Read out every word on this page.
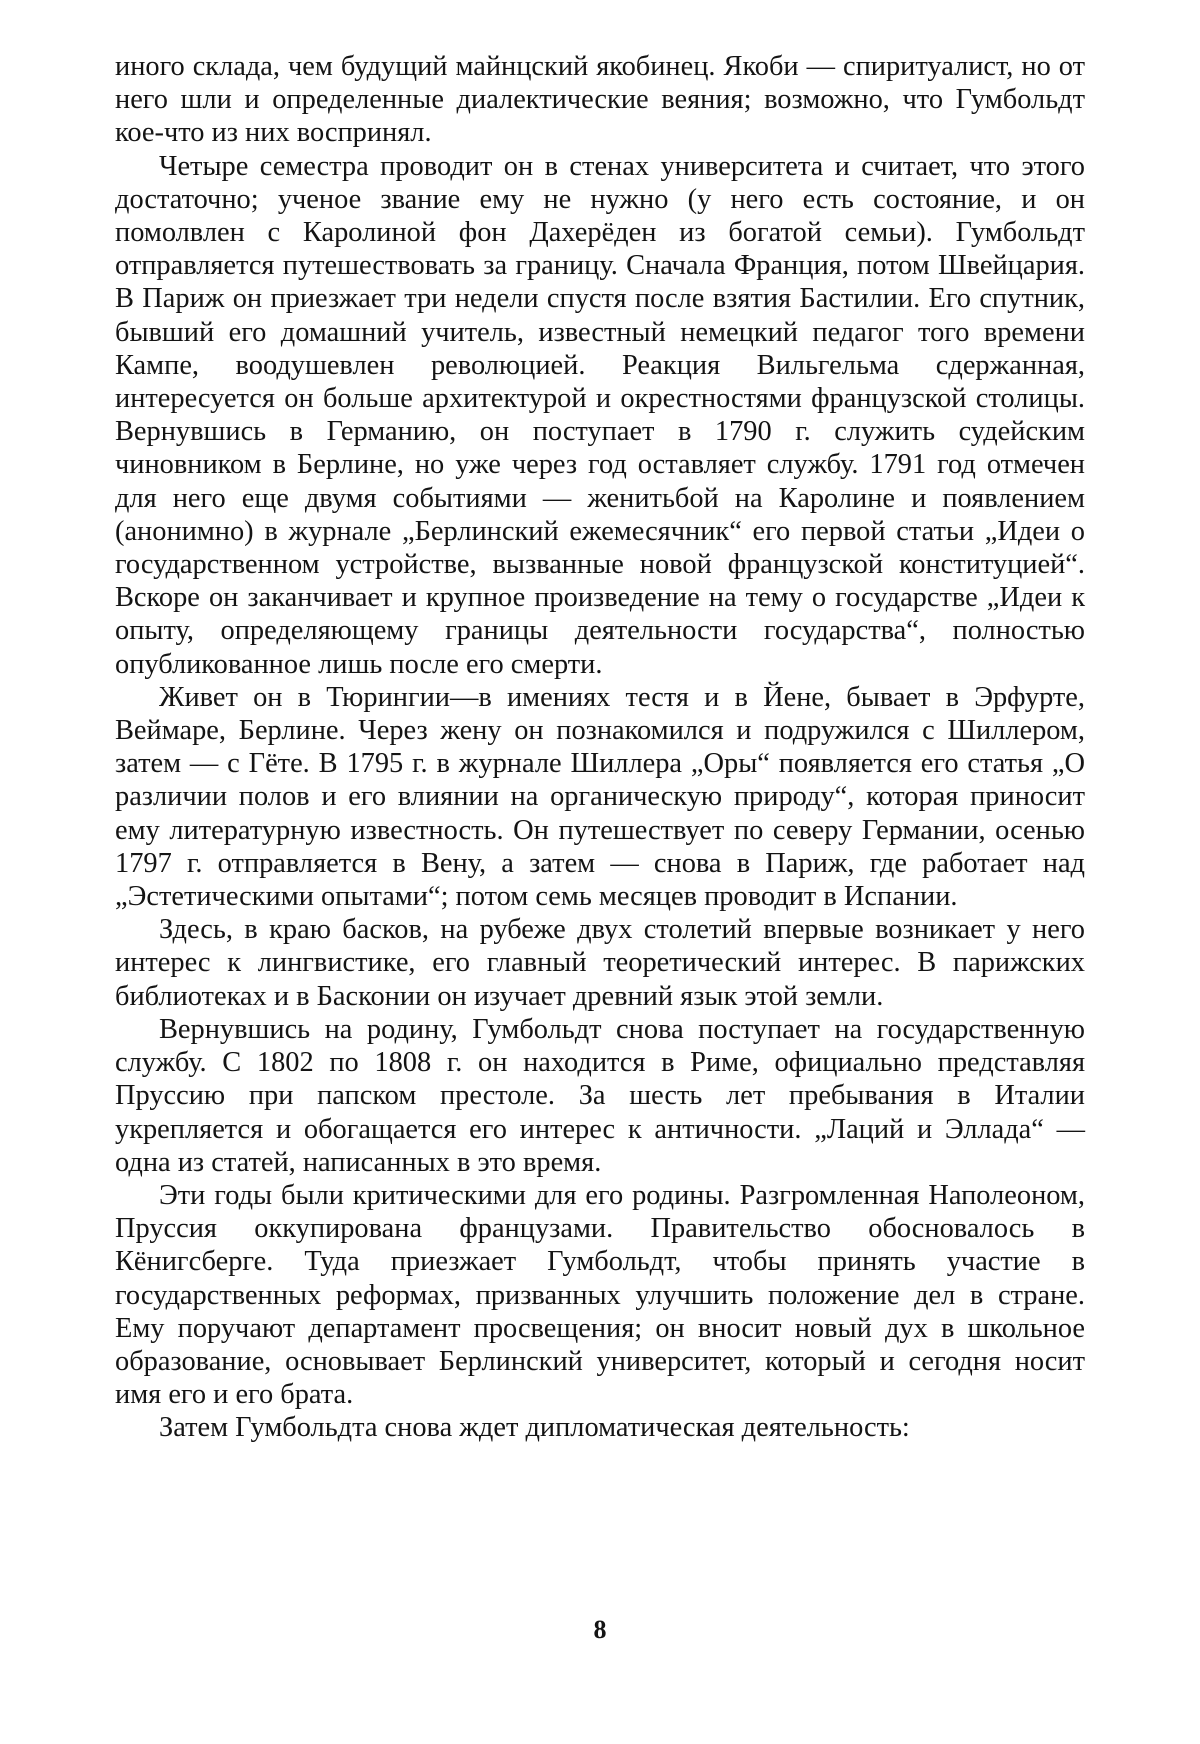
иного склада, чем будущий майнцский якобинец. Якоби — спиритуалист, но от него шли и определенные диалектические веяния; возможно, что Гумбольдт кое-что из них воспринял.

Четыре семестра проводит он в стенах университета и считает, что этого достаточно; ученое звание ему не нужно (у него есть состояние, и он помолвлен с Каролиной фон Дахерёден из богатой семьи). Гумбольдт отправляется путешествовать за границу. Сначала Франция, потом Швейцария. В Париж он приезжает три недели спустя после взятия Бастилии. Его спутник, бывший его домашний учитель, известный немецкий педагог того времени Кампе, воодушевлен революцией. Реакция Вильгельма сдержанная, интересуется он больше архитектурой и окрестностями французской столицы. Вернувшись в Германию, он поступает в 1790 г. служить судейским чиновником в Берлине, но уже через год оставляет службу. 1791 год отмечен для него еще двумя событиями — женитьбой на Каролине и появлением (анонимно) в журнале „Берлинский ежемесячник“ его первой статьи „Идеи о государственном устройстве, вызванные новой французской конституцией“. Вскоре он заканчивает и крупное произведение на тему о государстве „Идеи к опыту, определяющему границы деятельности государства“, полностью опубликованное лишь после его смерти.

Живет он в Тюрингии—в имениях тестя и в Йене, бывает в Эрфурте, Веймаре, Берлине. Через жену он познакомился и подружился с Шиллером, затем — с Гёте. В 1795 г. в журнале Шиллера „Оры“ появляется его статья „О различии полов и его влиянии на органическую природу“, которая приносит ему литературную известность. Он путешествует по северу Германии, осенью 1797 г. отправляется в Вену, а затем — снова в Париж, где работает над „Эстетическими опытами“; потом семь месяцев проводит в Испании.

Здесь, в краю басков, на рубеже двух столетий впервые возникает у него интерес к лингвистике, его главный теоретический интерес. В парижских библиотеках и в Басконии он изучает древний язык этой земли.

Вернувшись на родину, Гумбольдт снова поступает на государственную службу. С 1802 по 1808 г. он находится в Риме, официально представляя Пруссию при папском престоле. За шесть лет пребывания в Италии укрепляется и обогащается его интерес к античности. „Лаций и Эллада“ — одна из статей, написанных в это время.

Эти годы были критическими для его родины. Разгромленная Наполеоном, Пруссия оккупирована французами. Правительство обосновалось в Кёнигсберге. Туда приезжает Гумбольдт, чтобы принять участие в государственных реформах, призванных улучшить положение дел в стране. Ему поручают департамент просвещения; он вносит новый дух в школьное образование, основывает Берлинский университет, который и сегодня носит имя его и его брата.

Затем Гумбольдта снова ждет дипломатическая деятельность:

8
